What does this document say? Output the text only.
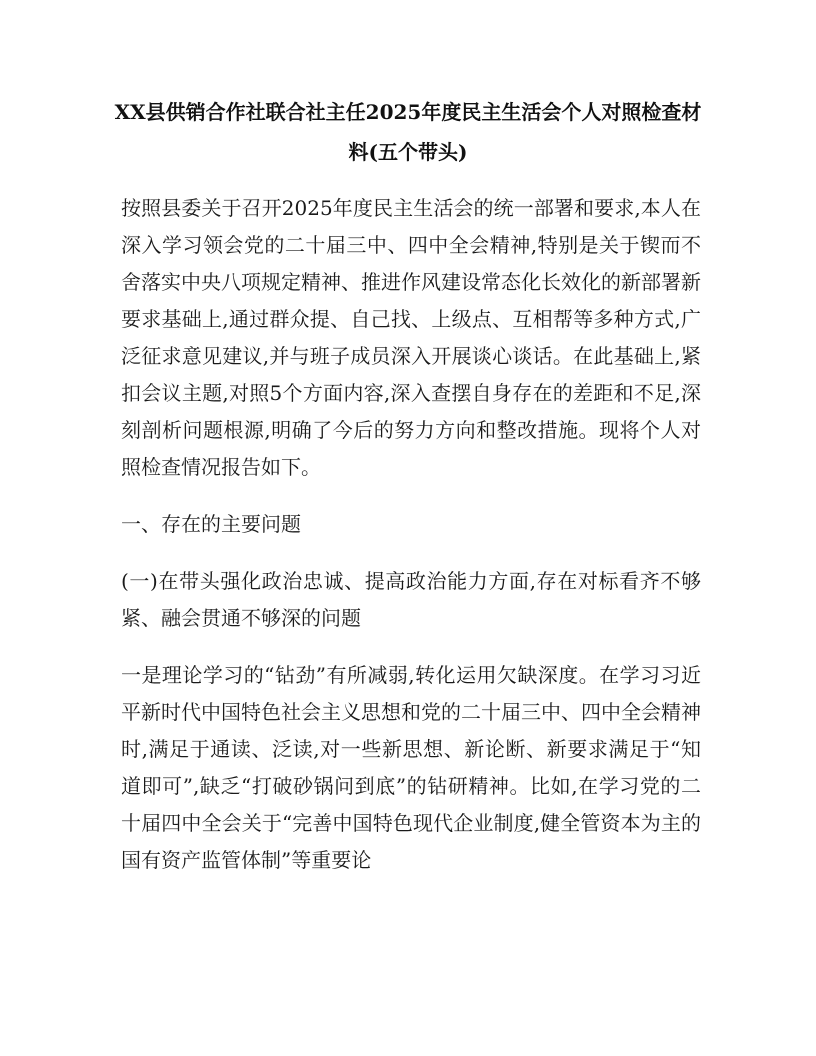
XX县供销合作社联合社主任2025年度民主生活会个人对照检查材料(五个带头)

按照县委关于召开2025年度民主生活会的统一部署和要求,本人在深入学习领会党的二十届三中、四中全会精神,特别是关于锲而不舍落实中央八项规定精神、推进作风建设常态化长效化的新部署新要求基础上,通过群众提、自己找、上级点、互相帮等多种方式,广泛征求意见建议,并与班子成员深入开展谈心谈话。在此基础上,紧扣会议主题,对照5个方面内容,深入查摆自身存在的差距和不足,深刻剖析问题根源,明确了今后的努力方向和整改措施。现将个人对照检查情况报告如下。

一、存在的主要问题

(一)在带头强化政治忠诚、提高政治能力方面,存在对标看齐不够紧、融会贯通不够深的问题

一是理论学习的“钻劲”有所减弱,转化运用欠缺深度。在学习习近平新时代中国特色社会主义思想和党的二十届三中、四中全会精神时,满足于通读、泛读,对一些新思想、新论断、新要求满足于“知道即可”,缺乏“打破砂锅问到底”的钻研精神。比如,在学习党的二十届四中全会关于“完善中国特色现代企业制度,健全管资本为主的国有资产监管体制”等重要论
